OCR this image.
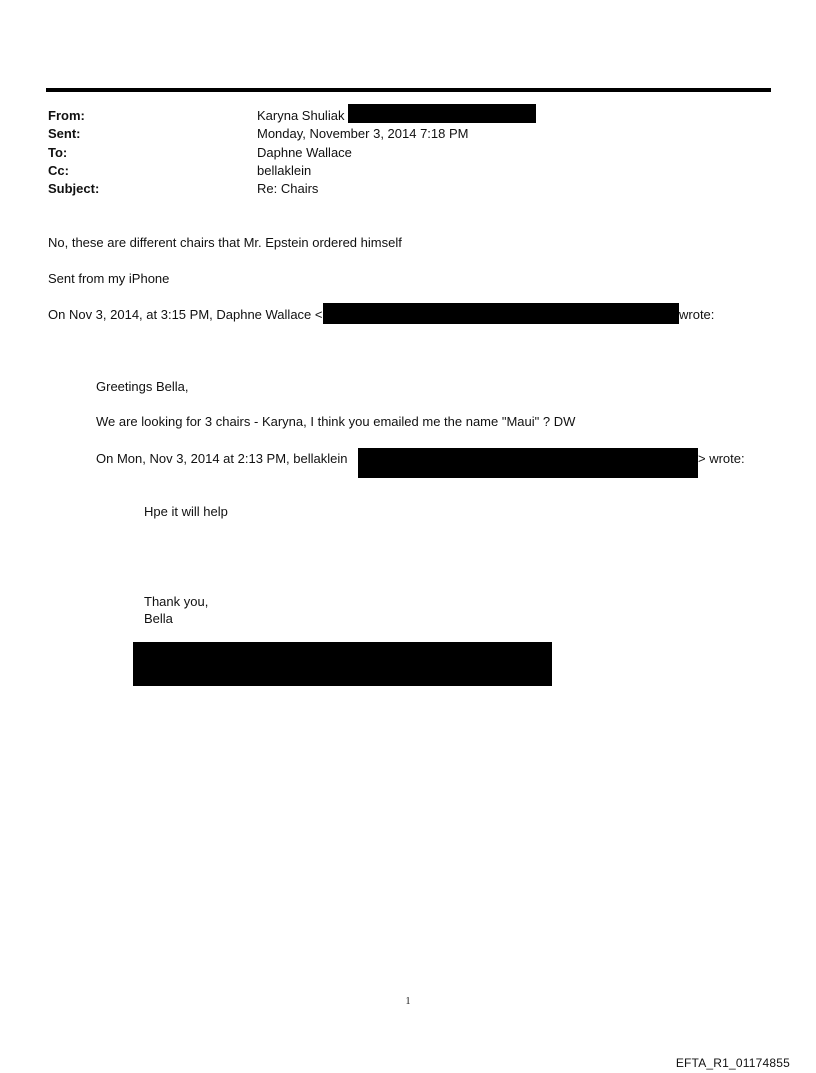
From:	Karyna Shuliak
Sent:	Monday, November 3, 2014 7:18 PM
To:	Daphne Wallace
Cc:	bellaklein
Subject:	Re: Chairs
No, these are different chairs that Mr. Epstein ordered himself
Sent from my iPhone
On Nov 3, 2014, at 3:15 PM, Daphne Wallace <	wrote:
Greetings Bella,
We are looking for 3 chairs - Karyna, I think you emailed me the name "Maui" ? DW
On Mon, Nov 3, 2014 at 2:13 PM, bellaklein	> wrote:
Hpe it will help
Thank you,
Bella
1
EFTA_R1_01174855
